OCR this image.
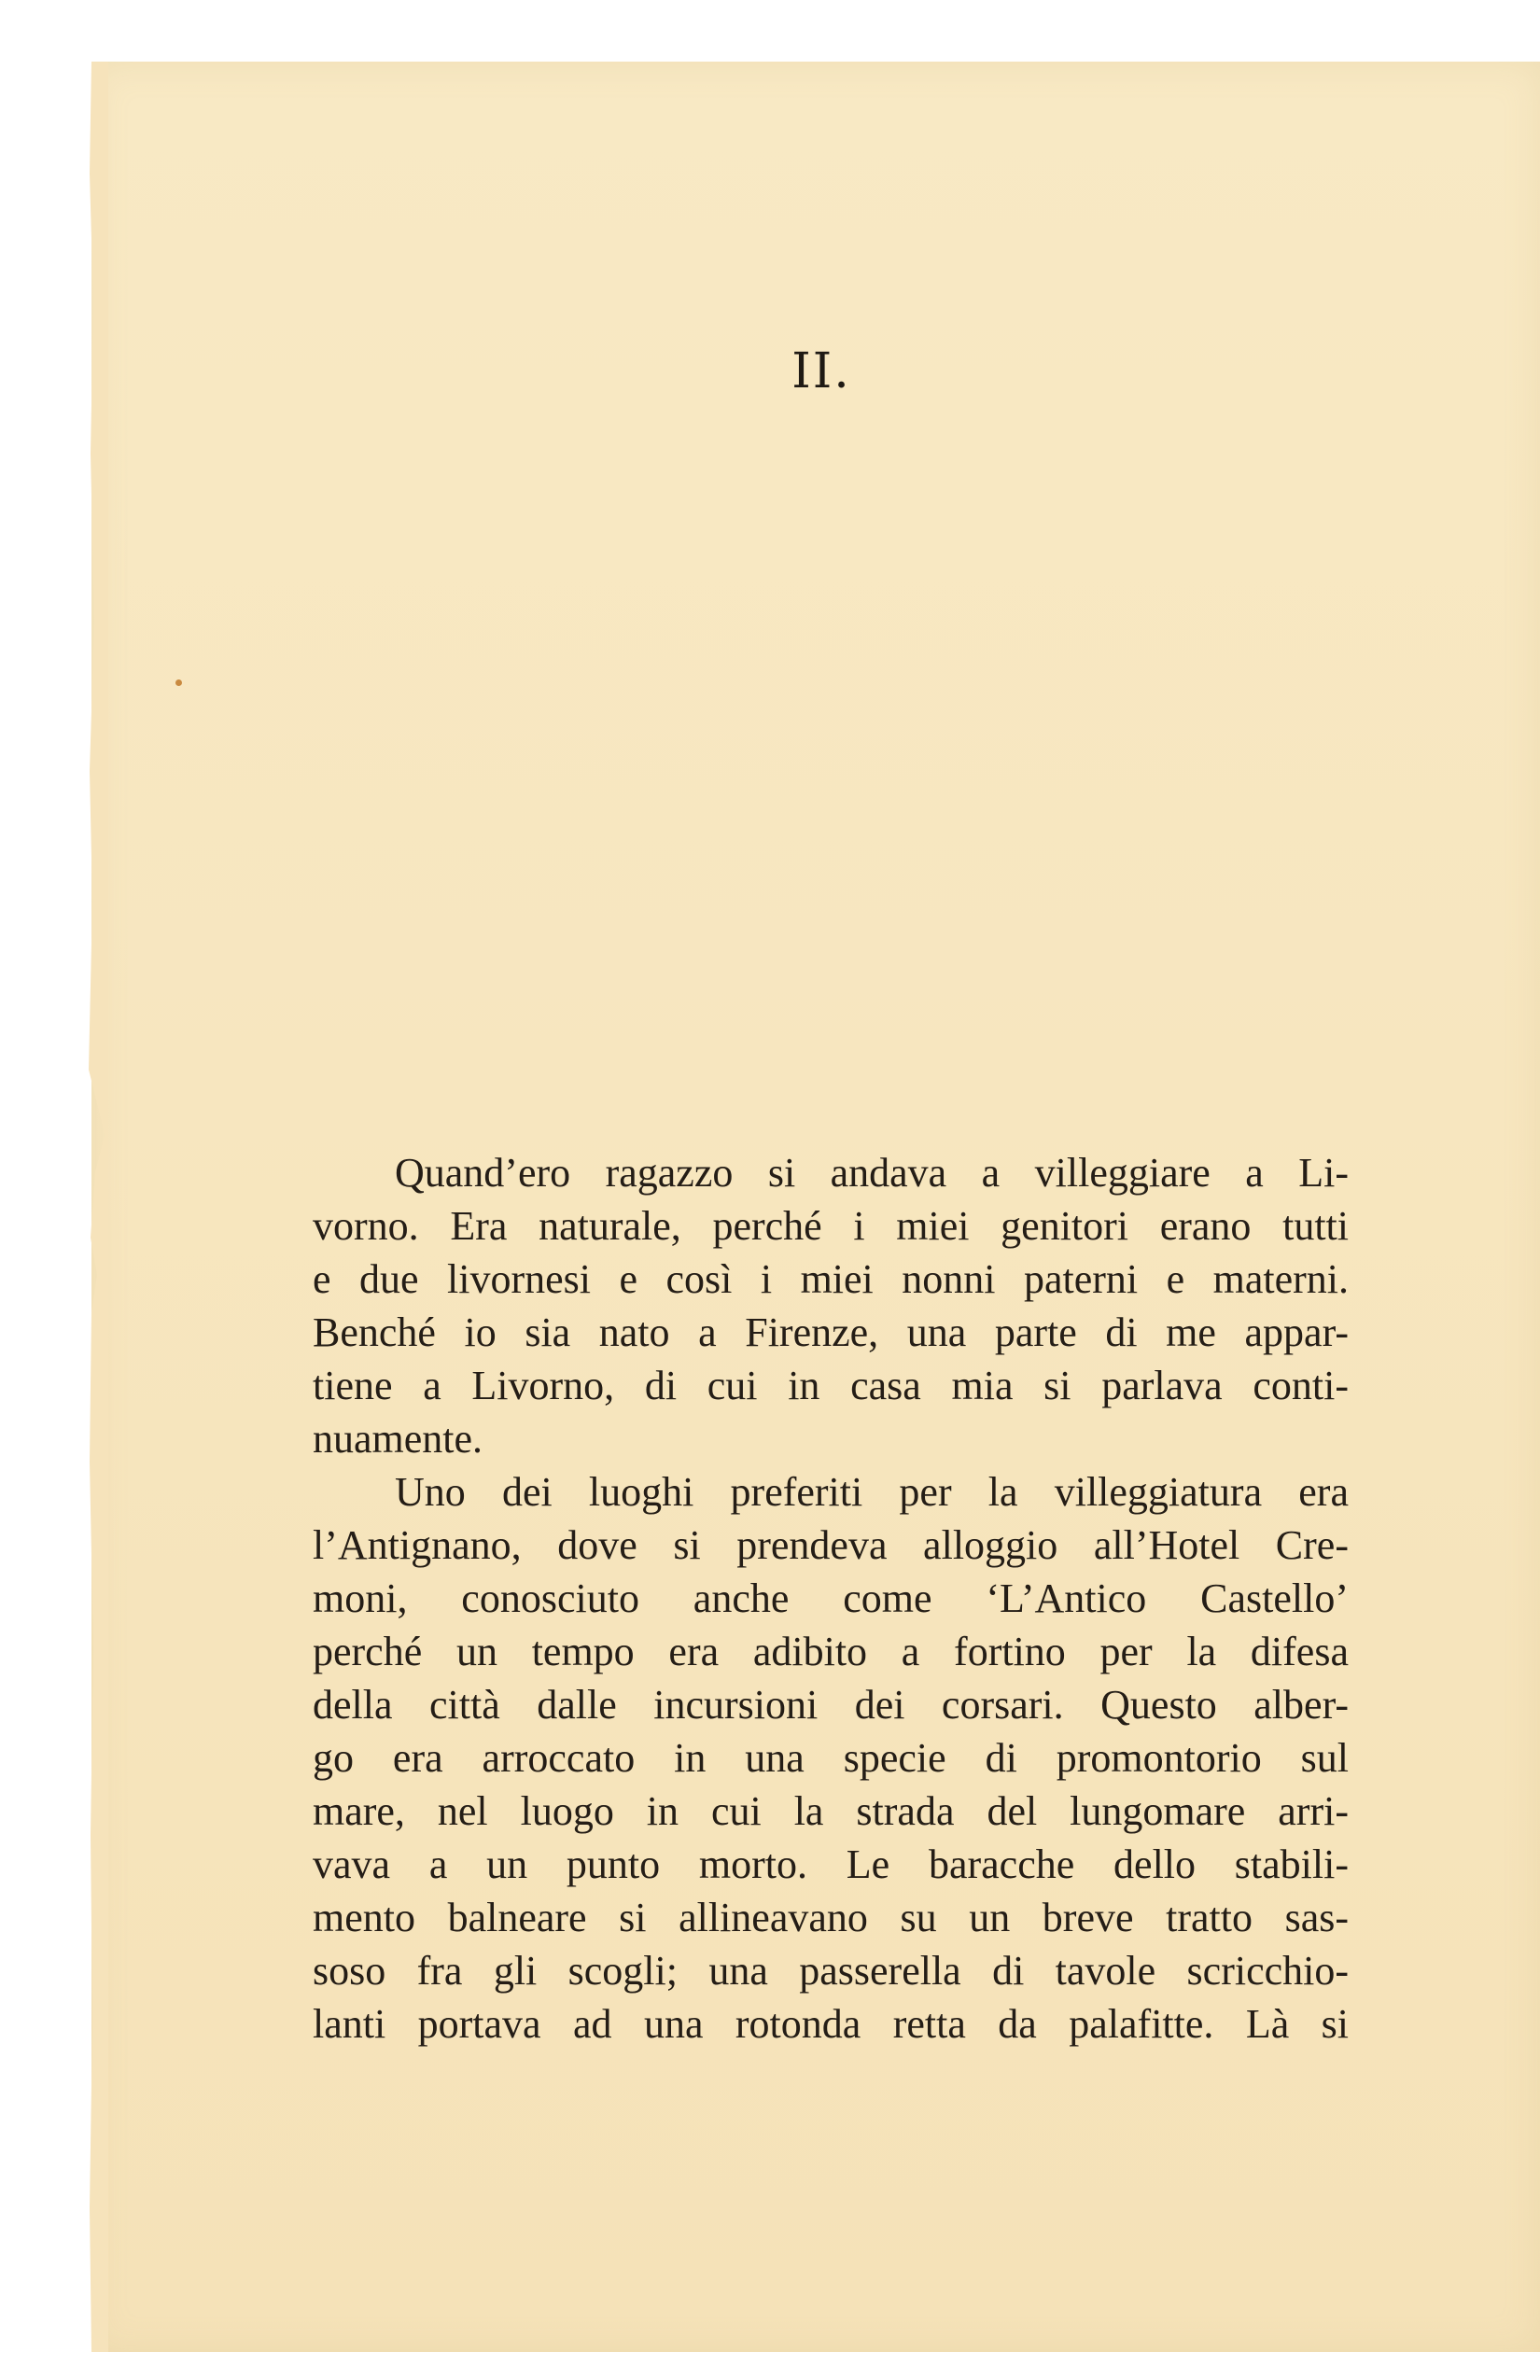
II.
Quand’ero ragazzo si andava a villeggiare a Li-
vorno. Era naturale, perché i miei genitori erano tutti
e due livornesi e così i miei nonni paterni e materni.
Benché io sia nato a Firenze, una parte di me appar-
tiene a Livorno, di cui in casa mia si parlava conti-
nuamente.
Uno dei luoghi preferiti per la villeggiatura era
l’Antignano, dove si prendeva alloggio all’Hotel Cre-
moni, conosciuto anche come ‘L’Antico Castello’
perché un tempo era adibito a fortino per la difesa
della città dalle incursioni dei corsari. Questo alber-
go era arroccato in una specie di promontorio sul
mare, nel luogo in cui la strada del lungomare arri-
vava a un punto morto. Le baracche dello stabili-
mento balneare si allineavano su un breve tratto sas-
soso fra gli scogli; una passerella di tavole scricchio-
lanti portava ad una rotonda retta da palafitte. Là si
